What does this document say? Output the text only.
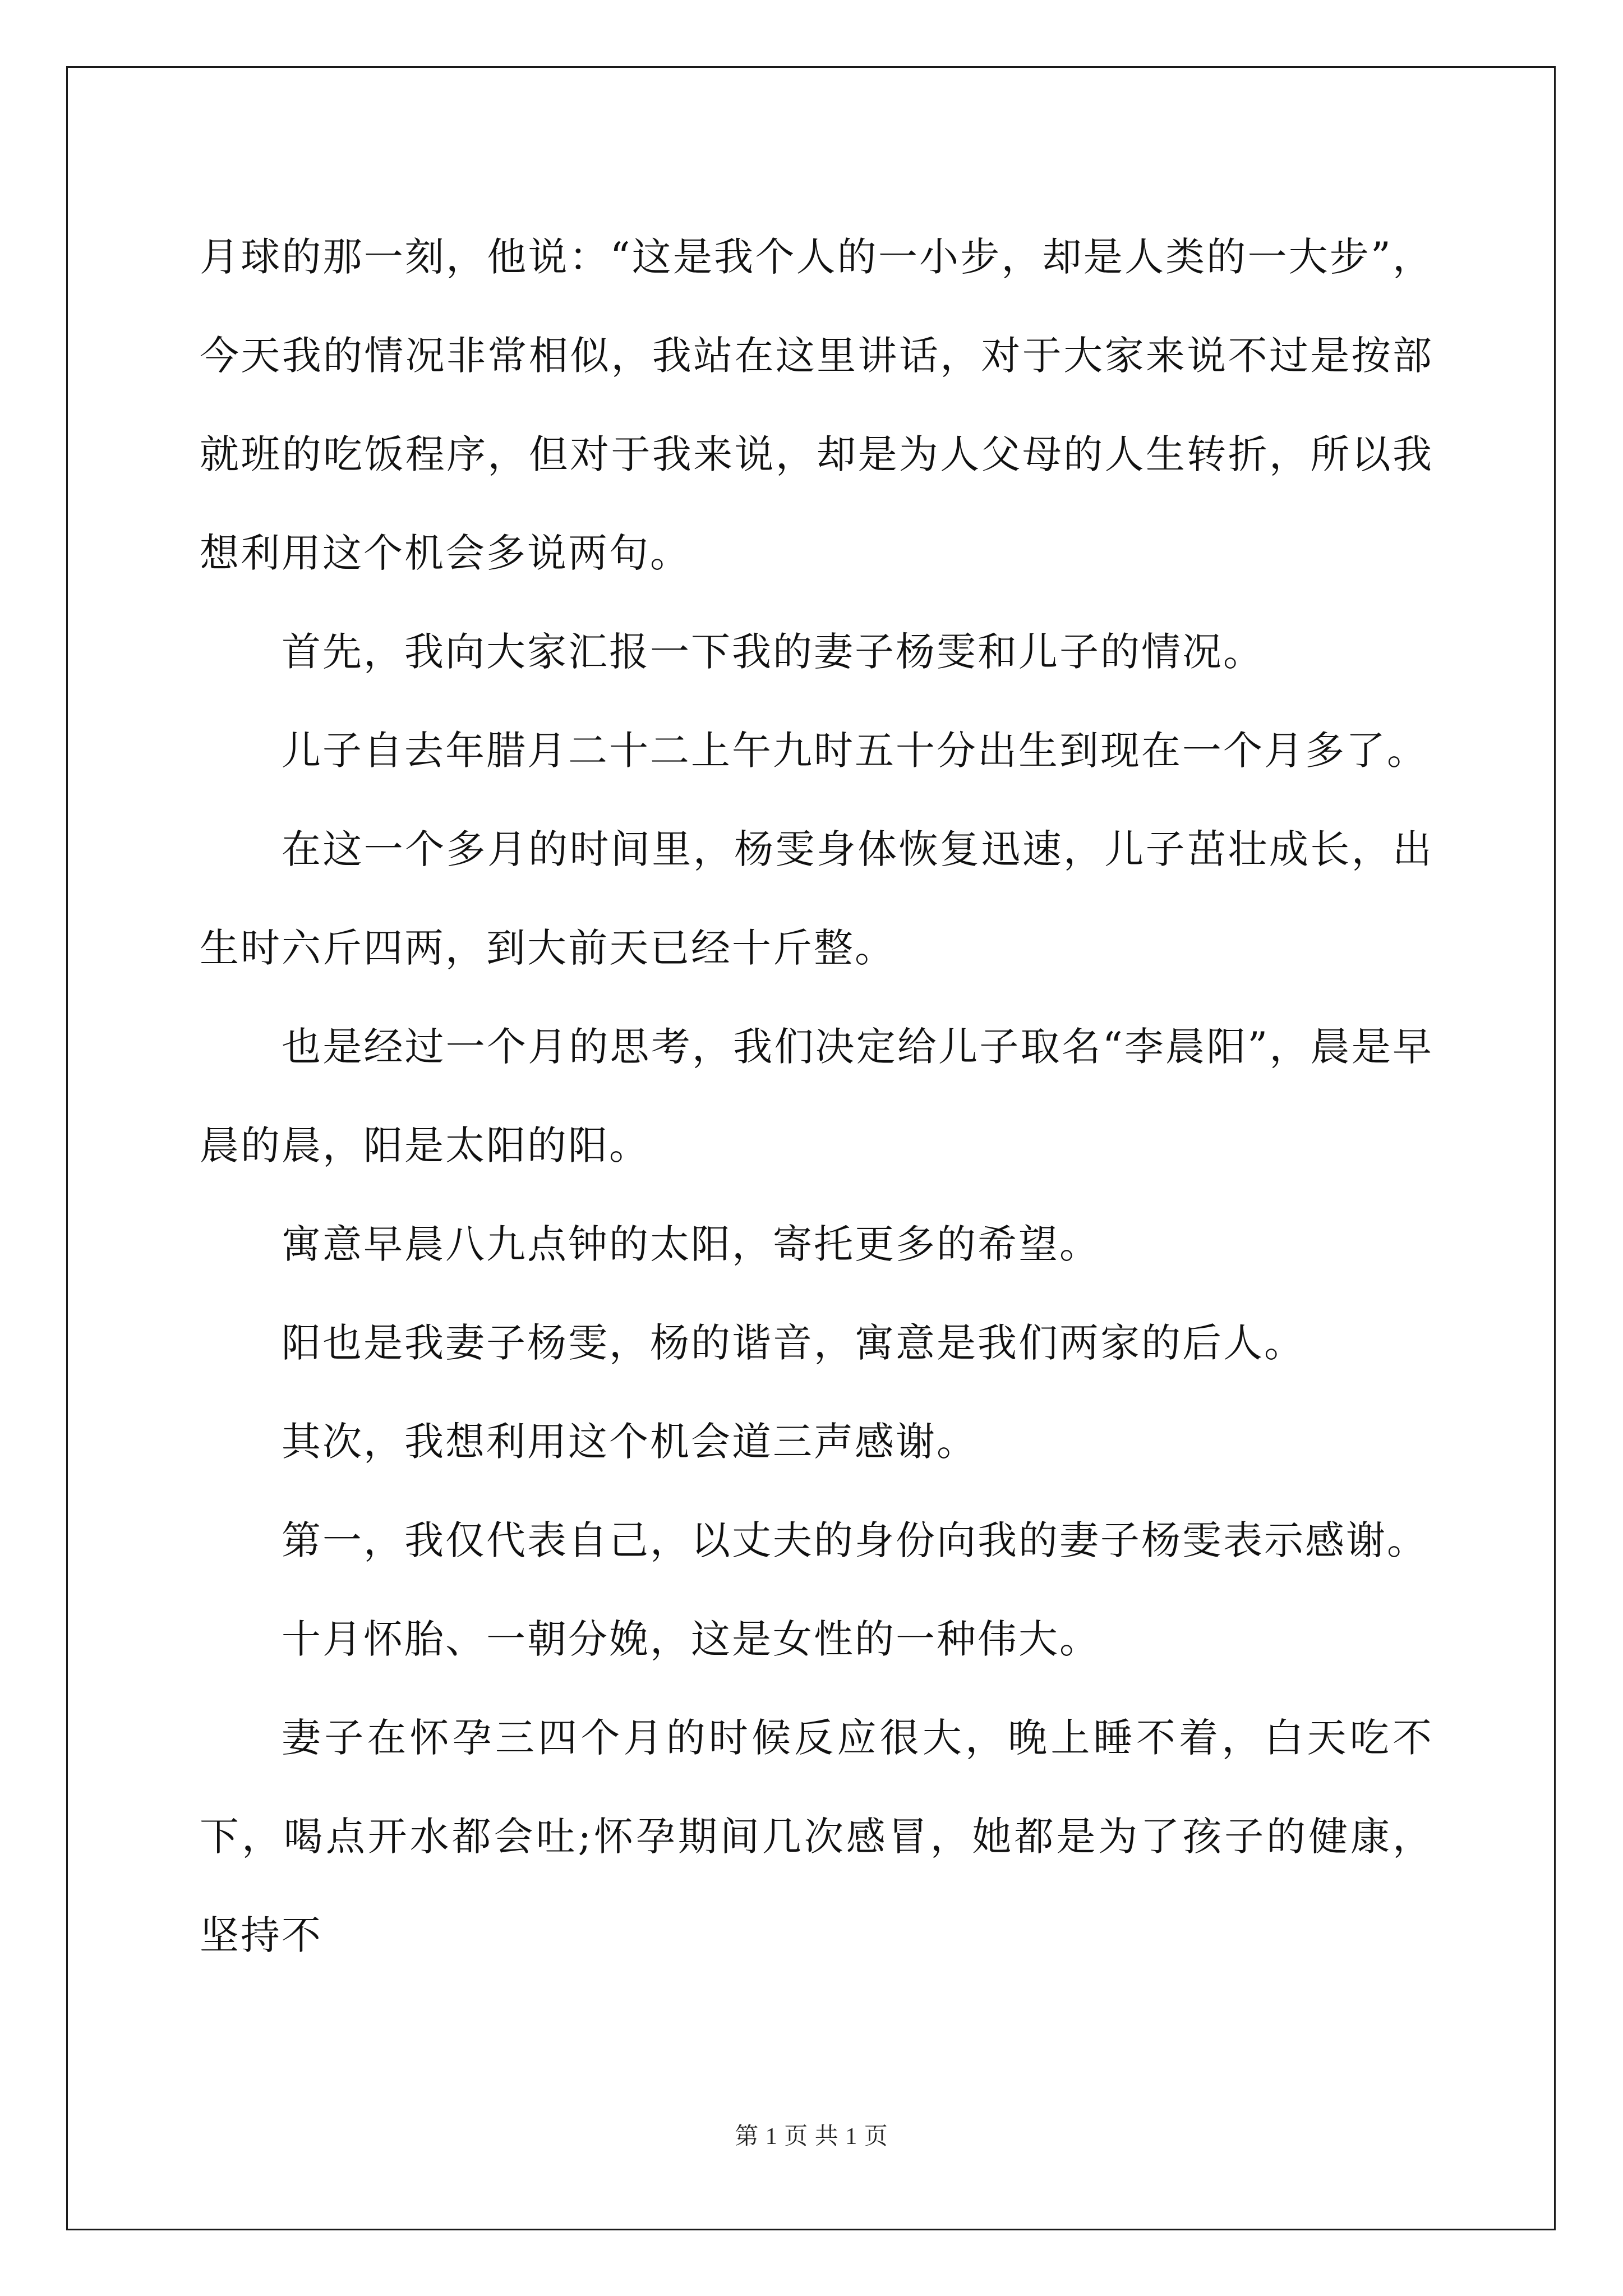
月球的那一刻，他说：“这是我个人的一小步，却是人类的一大步”，今天我的情况非常相似，我站在这里讲话，对于大家来说不过是按部就班的吃饭程序，但对于我来说，却是为人父母的人生转折，所以我想利用这个机会多说两句。

首先，我向大家汇报一下我的妻子杨雯和儿子的情况。

儿子自去年腊月二十二上午九时五十分出生到现在一个月多了。

在这一个多月的时间里，杨雯身体恢复迅速，儿子茁壮成长，出生时六斤四两，到大前天已经十斤整。

也是经过一个月的思考，我们决定给儿子取名“李晨阳”，晨是早晨的晨，阳是太阳的阳。

寓意早晨八九点钟的太阳，寄托更多的希望。

阳也是我妻子杨雯，杨的谐音，寓意是我们两家的后人。

其次，我想利用这个机会道三声感谢。

第一，我仅代表自己，以丈夫的身份向我的妻子杨雯表示感谢。

十月怀胎、一朝分娩，这是女性的一种伟大。

妻子在怀孕三四个月的时候反应很大，晚上睡不着，白天吃不下，喝点开水都会吐;怀孕期间几次感冒，她都是为了孩子的健康，坚持不

第 1 页 共 1 页
